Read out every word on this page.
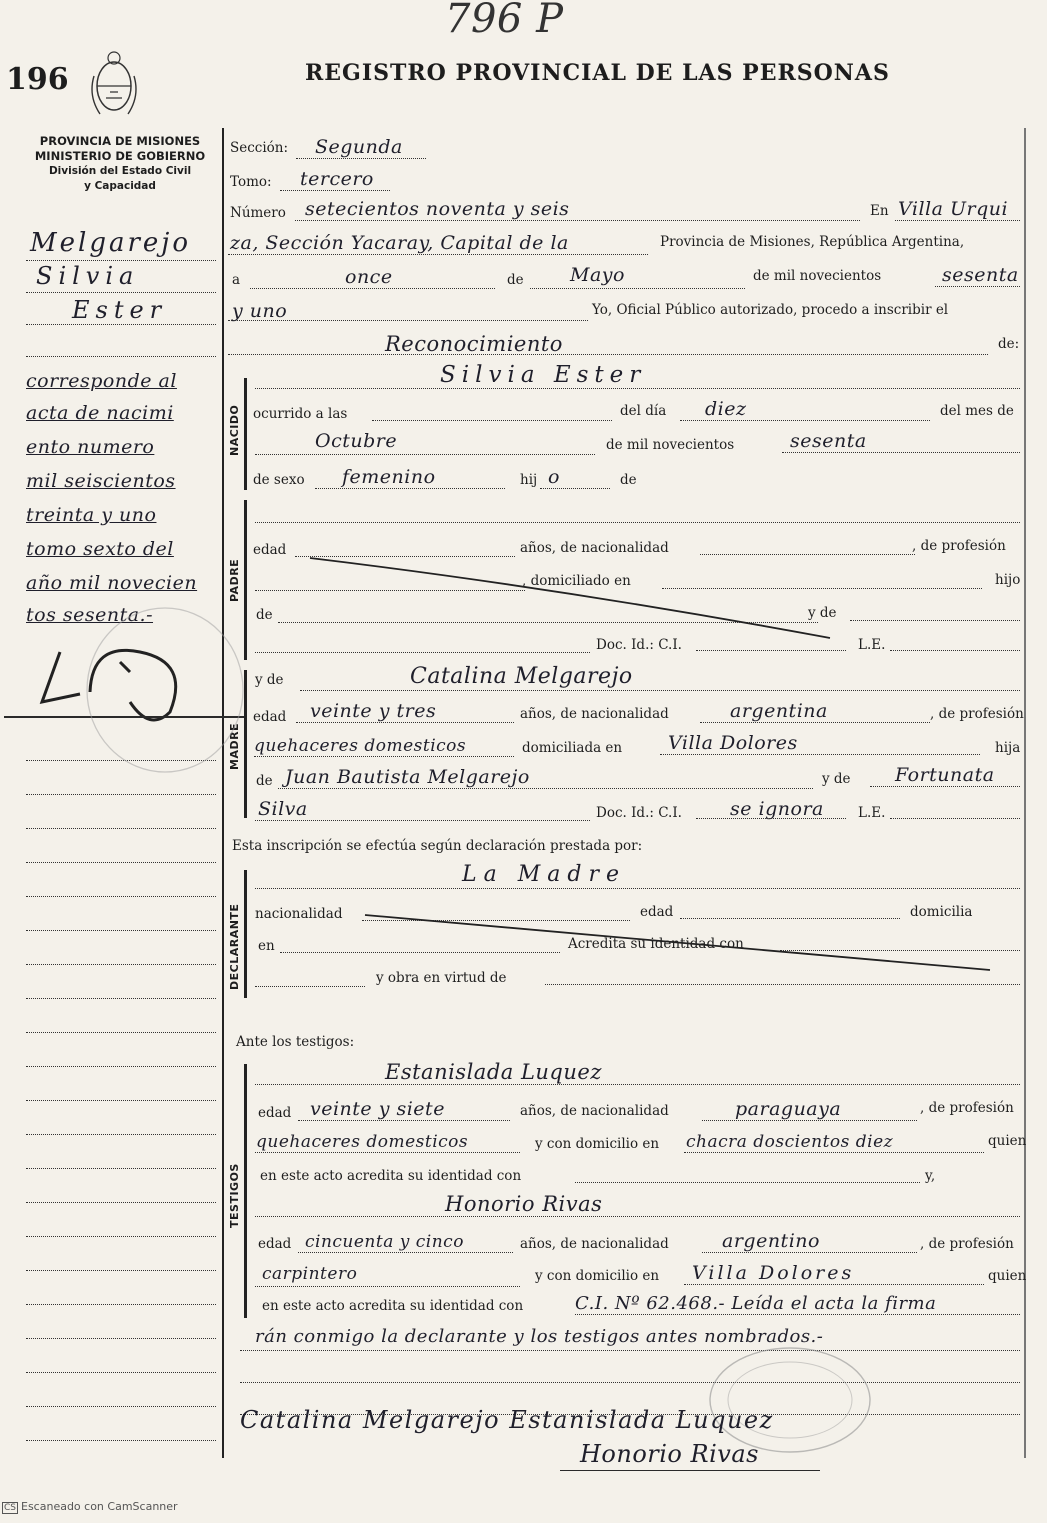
796 P
196	REGISTRO PROVINCIAL DE LAS PERSONAS
PROVINCIA DE MISIONES
MINISTERIO DE GOBIERNO
División del Estado Civil
y Capacidad
Melgarejo
Silvia
Ester
corresponde al
acta de nacimi
ento numero
mil seiscientos
treinta y uno
tomo sexto del
año mil novecien
tos sesenta.-
Sección: Segunda
Tomo: tercero
Número setecientos noventa y seis	En Villa Urqui
za, Sección Yacaray, Capital de la	Provincia de Misiones, República Argentina,
a	once	de Mayo	de mil novecientos	sesenta
y uno	Yo, Oficial Público autorizado, procedo a inscribir el
Reconocimiento	de:
NACIDO
Silvia Ester
ocurrido a las	del día diez	del mes de
Octubre	de mil novecientos	sesenta
de sexo femenino	hij o	de
PADRE
edad	años, de nacionalidad	, de profesión
, domiciliado en	hijo
de	y de
Doc. Id.: C.I.	L.E.
MADRE
y de	Catalina Melgarejo
edad veinte y tres	años, de nacionalidad	argentina	, de profesión
quehaceres domesticos	domiciliada en Villa Dolores	hija
de Juan Bautista Melgarejo	y de Fortunata
Silva	Doc. Id.: C.I.	se ignora	L.E.
Esta inscripción se efectúa según declaración prestada por:
DECLARANTE
La Madre
nacionalidad	edad	domicilia
en	Acredita su identidad con
y obra en virtud de
Ante los testigos:
TESTIGOS
Estanislada Luquez
edad veinte y siete	años, de nacionalidad	paraguaya	, de profesión
quehaceres domesticos	y con domicilio en chacra doscientos diez	quien
en este acto acredita su identidad con	y,
Honorio Rivas
edad cincuenta y cinco	años, de nacionalidad	argentino	, de profesión
carpintero	y con domicilio en Villa Dolores	quien
en este acto acredita su identidad con	C.I. Nº 62.468.- Leída el acta la firma
rán conmigo la declarante y los testigos antes nombrados.-
Catalina Melgarejo Estanislada Luquez
Honorio Rivas
CS Escaneado con CamScanner
